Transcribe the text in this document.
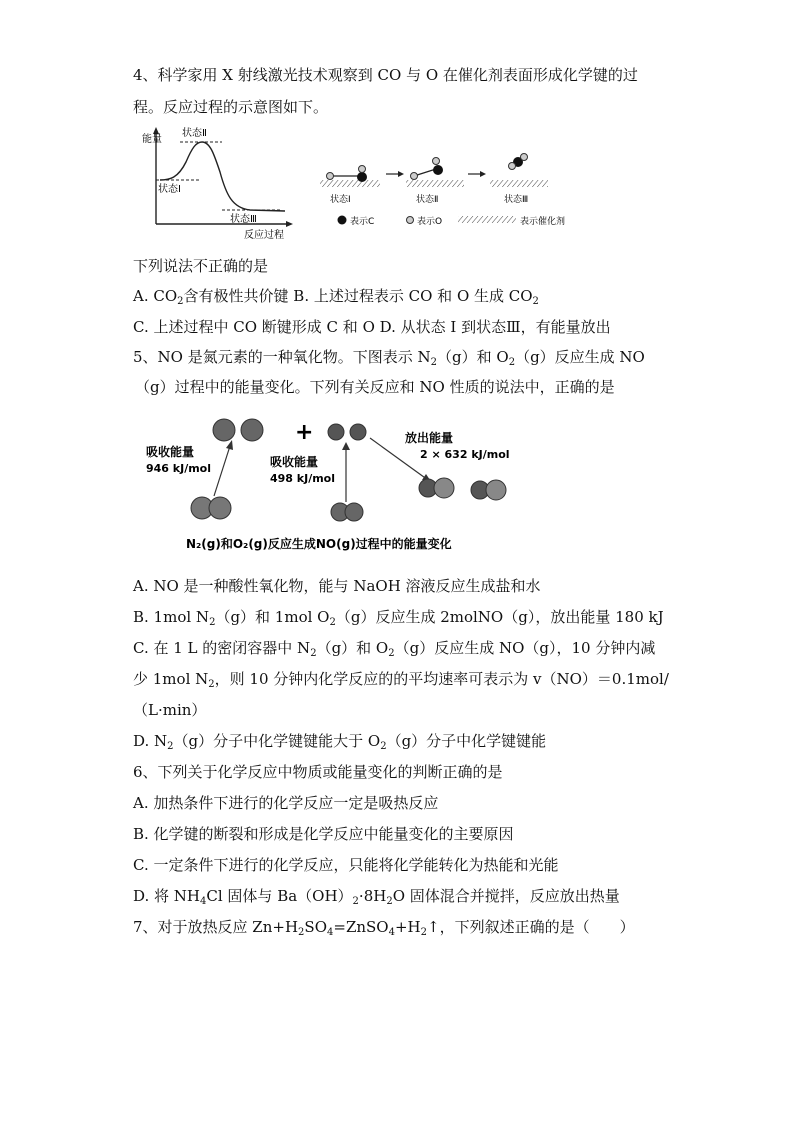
4、科学家用 X 射线激光技术观察到 CO 与 O 在催化剂表面形成化学键的过
程。反应过程的示意图如下。
能量
状态Ⅱ
状态Ⅰ
状态Ⅲ
反应过程
状态Ⅰ	状态Ⅱ	状态Ⅲ
表示C	表示O	表示催化剂
下列说法不正确的是
A. $CO_2$含有极性共价键 B. 上述过程表示 CO 和 O 生成 $CO_2$
C. 上述过程中 CO 断键形成 C 和 O D. 从状态 Ⅰ 到状态Ⅲ，有能量放出
5、NO 是氮元素的一种氧化物。下图表示 $N_2(g)$和 $O_2(g)$反应生成 NO
（g）过程中的能量变化。下列有关反应和 NO 性质的说法中，正确的是
+
吸收能量
946 kJ/mol	吸收能量
498 kJ/mol
放出能量
2 × 632 kJ/mol
N₂(g)和O₂(g)反应生成NO(g)过程中的能量变化
A. NO 是一种酸性氧化物，能与 NaOH 溶液反应生成盐和水
B. 1mol $N_2(g)$和 1mol $O_2(g)$反应生成 2molNO（g），放出能量 180 kJ
C. 在 1 L 的密闭容器中 $N_2(g)$和 $O_2(g)$反应生成 NO（g），10 分钟内减
少 1mol $N_2$，则 10 分钟内化学反应的的平均速率可表示为 v（NO）＝0.1mol/
（L·min）
D. $N_2(g)$分子中化学键键能大于 $O_2(g)$分子中化学键键能
6、下列关于化学反应中物质或能量变化的判断正确的是
A. 加热条件下进行的化学反应一定是吸热反应
B. 化学键的断裂和形成是化学反应中能量变化的主要原因
C. 一定条件下进行的化学反应，只能将化学能转化为热能和光能
D. 将 $NH_4Cl$ 固体与 $Ba(OH)_2\cdot 8H_2O$ 固体混合并搅拌，反应放出热量
7、对于放热反应 $Zn+H_2SO_4=ZnSO_4+H_2↑$，下列叙述正确的是（　　）
